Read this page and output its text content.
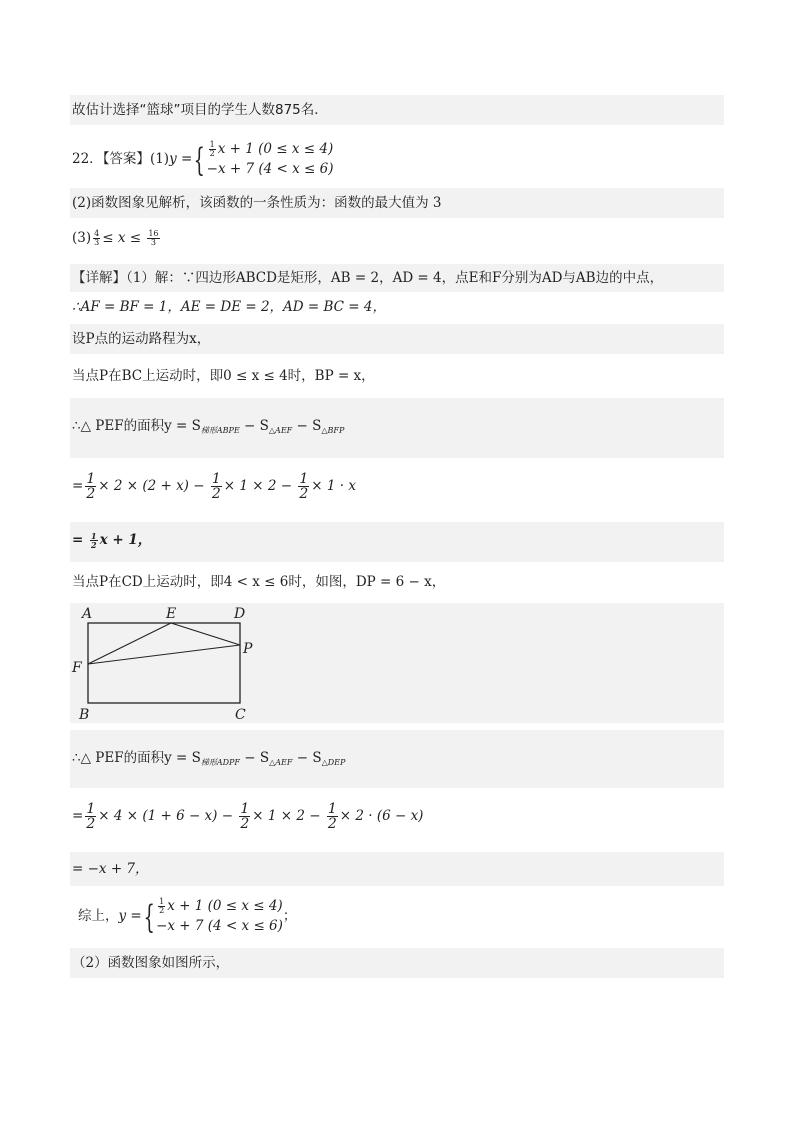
故估计选择“篮球”项目的学生人数875名．
22．【答案】(1)y ={ $\frac{1}{2}$ x + 1 (0 ≤ x ≤ 4)
−x + 7 (4 < x ≤ 6)
(2)函数图象见解析，该函数的一条性质为：函数的最大值为 3
$(3) \frac{4}{3} \le x \le \frac{16}{3}$
【详解】（1）解：∵四边形ABCD是矩形，AB = 2，AD = 4，点E和F分别为AD与AB边的中点，
∴AF = BF = 1，AE = DE = 2，AD = BC = 4，
设P点的运动路程为x，
当点P在BC上运动时，即0 ≤ x ≤ 4时，BP = x，
∴△ PEF的面积$y = S_{梯形ABPE} - S_{\triangle AEF} - S_{\triangle BFP}$
= $\frac{1}{2} \times 2 \times (2 + x) - \frac{1}{2} \times 1 \times 2 - \frac{1}{2} \times 1 \cdot x$
= $\frac{1}{2}$ x + 1，
当点P在CD上运动时，即4 < x ≤ 6时，如图，DP = 6 − x，
A	E	D
F
P
B	C
∴△ PEF的面积$y = S_{梯形ADPF} - S_{\triangle AEF} - S_{\triangle DEP}$
= $\frac{1}{2} \times 4 \times (1 + 6 - x) - \frac{1}{2} \times 1 \times 2 - \frac{1}{2} \times 2 \cdot (6 - x)$
= −x + 7，
综上，y ={ $\frac{1}{2}$ x + 1 (0 ≤ x ≤ 4)
−x + 7 (4 < x ≤ 6)
；
（2）函数图象如图所示，
